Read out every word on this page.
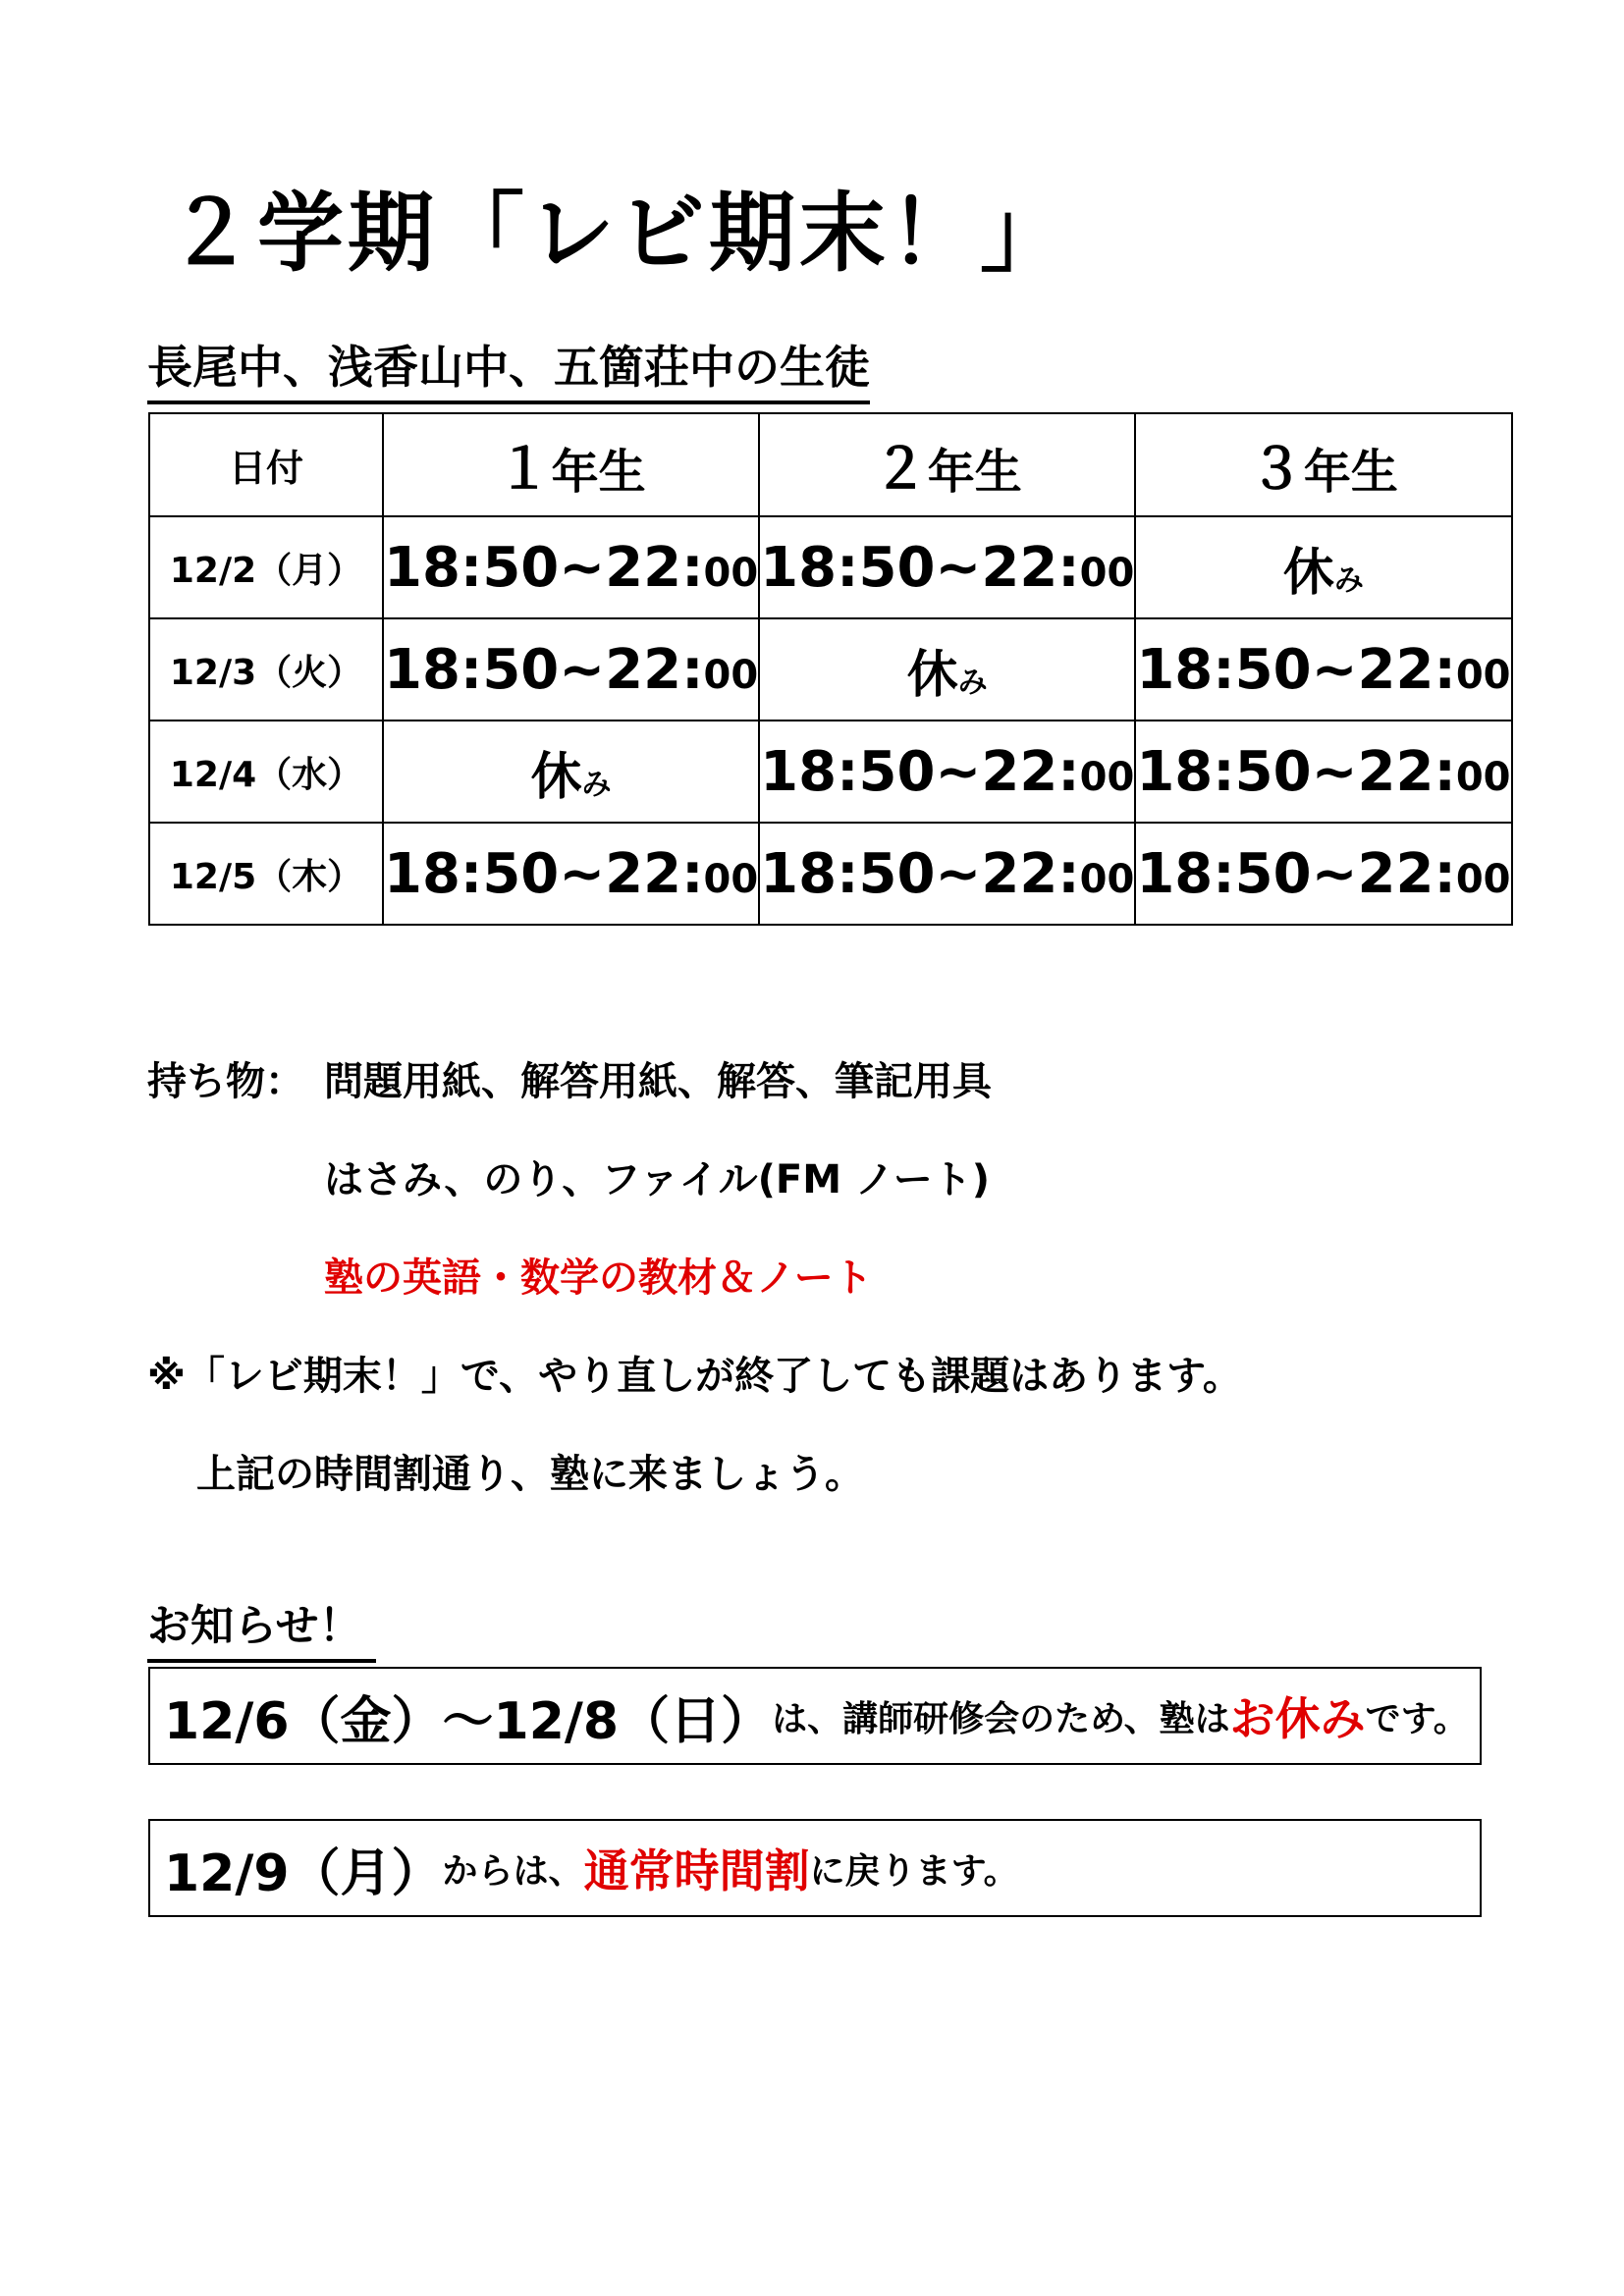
２学期「レビ期末！」
長尾中、浅香山中、五箇荘中の生徒
日付	１年生	２年生	３年生
12/2（月）	18:50~22:00	18:50~22:00	休み
12/3（火）	18:50~22:00	休み	18:50~22:00
12/4（水）	休み	18:50~22:00	18:50~22:00
12/5（木）	18:50~22:00	18:50~22:00	18:50~22:00
持ち物： 問題用紙、解答用紙、解答、筆記用具
はさみ、のり、ファイル(FM ノート)
塾の英語・数学の教材＆ノート
※「レビ期末！」で、やり直しが終了しても課題はあります。
上記の時間割通り、塾に来ましょう。
お知らせ！
12/6（金）～12/8（日） は、講師研修会のため、塾は お休み です。
12/9（月） からは、 通常時間割 に戻ります。
